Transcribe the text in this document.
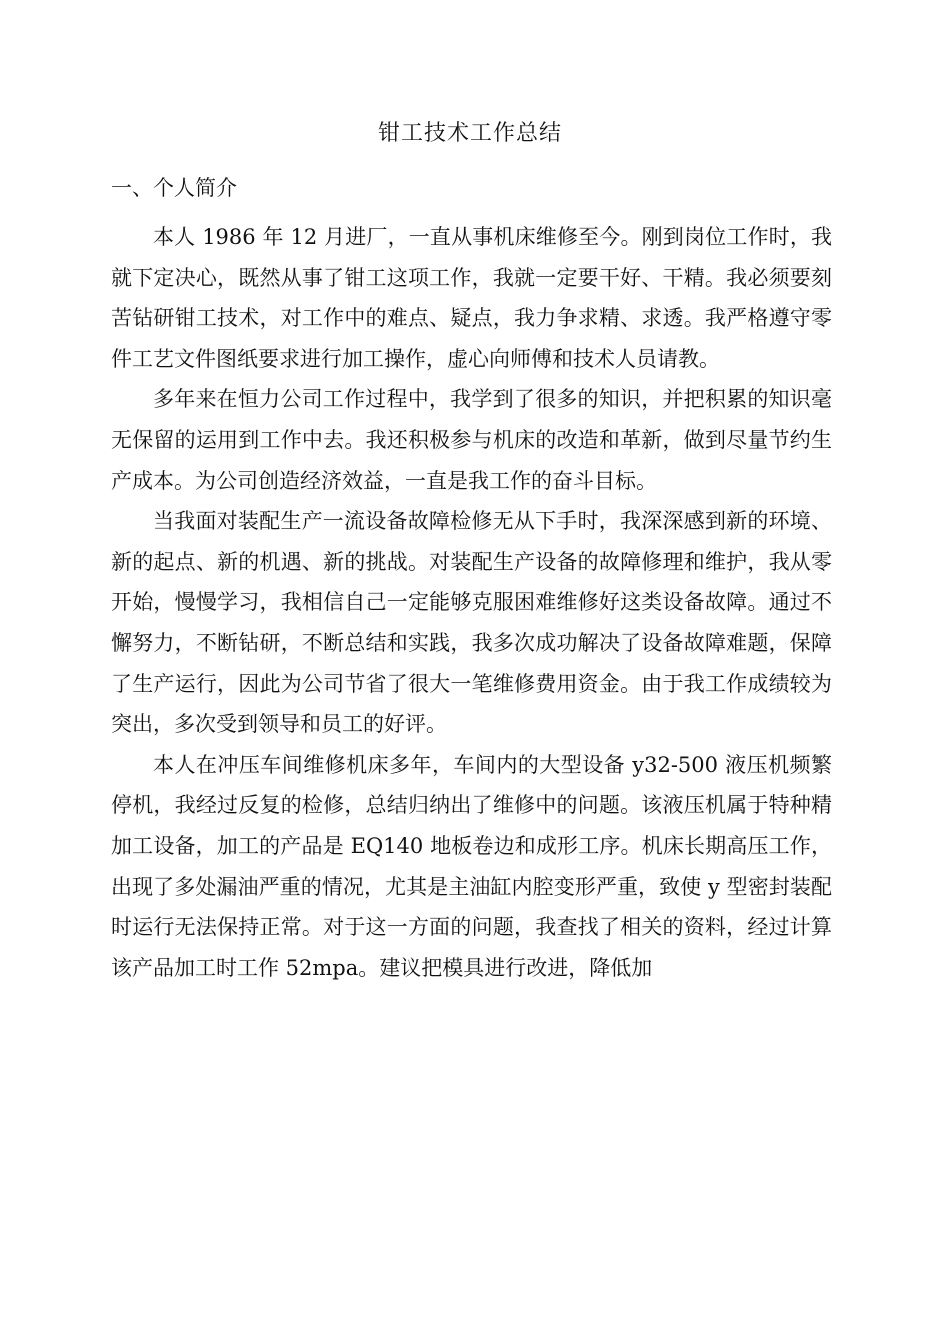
钳工技术工作总结
一、个人简介

本人 1986 年 12 月进厂，一直从事机床维修至今。刚到岗位工作时，我就下定决心，既然从事了钳工这项工作，我就一定要干好、干精。我必须要刻苦钻研钳工技术，对工作中的难点、疑点，我力争求精、求透。我严格遵守零件工艺文件图纸要求进行加工操作，虚心向师傅和技术人员请教。

多年来在恒力公司工作过程中，我学到了很多的知识，并把积累的知识毫无保留的运用到工作中去。我还积极参与机床的改造和革新，做到尽量节约生产成本。为公司创造经济效益，一直是我工作的奋斗目标。

当我面对装配生产一流设备故障检修无从下手时，我深深感到新的环境、新的起点、新的机遇、新的挑战。对装配生产设备的故障修理和维护，我从零开始，慢慢学习，我相信自己一定能够克服困难维修好这类设备故障。通过不懈努力，不断钻研，不断总结和实践，我多次成功解决了设备故障难题，保障了生产运行，因此为公司节省了很大一笔维修费用资金。由于我工作成绩较为突出，多次受到领导和员工的好评。

本人在冲压车间维修机床多年，车间内的大型设备 y32-500 液压机频繁停机，我经过反复的检修，总结归纳出了维修中的问题。该液压机属于特种精加工设备，加工的产品是 EQ140 地板卷边和成形工序。机床长期高压工作，出现了多处漏油严重的情况，尤其是主油缸内腔变形严重，致使 y 型密封装配时运行无法保持正常。对于这一方面的问题，我查找了相关的资料，经过计算该产品加工时工作 52mpa。建议把模具进行改进，降低加
